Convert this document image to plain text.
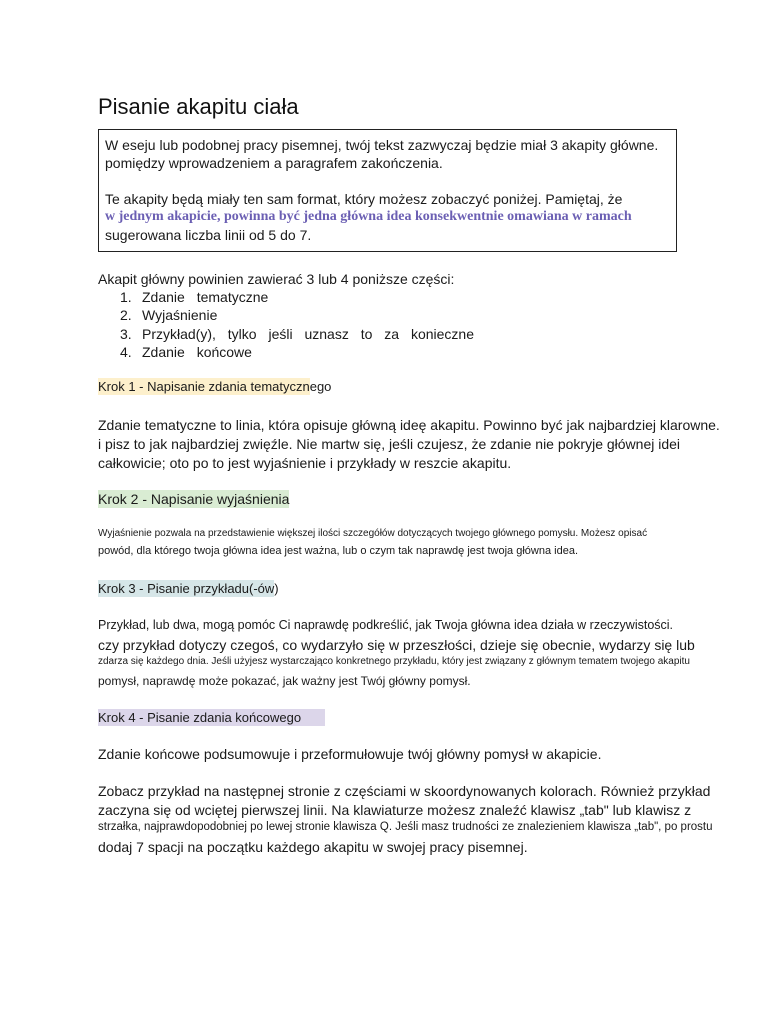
Pisanie akapitu ciała

W eseju lub podobnej pracy pisemnej, twój tekst zazwyczaj będzie miał 3 akapity główne.

pomiędzy wprowadzeniem a paragrafem zakończenia.

Te akapity będą miały ten sam format, który możesz zobaczyć poniżej. Pamiętaj, że

w jednym akapicie, powinna być jedna główna idea konsekwentnie omawiana w ramach

sugerowana liczba linii od 5 do 7.

Akapit główny powinien zawierać 3 lub 4 poniższe części:
1. Zdanie tematyczne
2. Wyjaśnienie
3. Przykład(y), tylko jeśli uznasz to za konieczne
4. Zdanie końcowe
Krok 1 - Napisanie zdania tematycznego
Zdanie tematyczne to linia, która opisuje główną ideę akapitu. Powinno być jak najbardziej klarowne.
i pisz to jak najbardziej zwięźle. Nie martw się, jeśli czujesz, że zdanie nie pokryje głównej idei
całkowicie; oto po to jest wyjaśnienie i przykłady w reszcie akapitu.
Krok 2 - Napisanie wyjaśnienia
Wyjaśnienie pozwala na przedstawienie większej ilości szczegółów dotyczących twojego głównego pomysłu. Możesz opisać
powód, dla którego twoja główna idea jest ważna, lub o czym tak naprawdę jest twoja główna idea.
Krok 3 - Pisanie przykładu(-ów)
Przykład, lub dwa, mogą pomóc Ci naprawdę podkreślić, jak Twoja główna idea działa w rzeczywistości.
czy przykład dotyczy czegoś, co wydarzyło się w przeszłości, dzieje się obecnie, wydarzy się lub
zdarza się każdego dnia. Jeśli użyjesz wystarczająco konkretnego przykładu, który jest związany z głównym tematem twojego akapitu
pomysł, naprawdę może pokazać, jak ważny jest Twój główny pomysł.
Krok 4 - Pisanie zdania końcowego
Zdanie końcowe podsumowuje i przeformułowuje twój główny pomysł w akapicie.
Zobacz przykład na następnej stronie z częściami w skoordynowanych kolorach. Również przykład
zaczyna się od wciętej pierwszej linii. Na klawiaturze możesz znaleźć klawisz „tab" lub klawisz z
strzałka, najprawdopodobniej po lewej stronie klawisza Q. Jeśli masz trudności ze znalezieniem klawisza „tab", po prostu
dodaj 7 spacji na początku każdego akapitu w swojej pracy pisemnej.
